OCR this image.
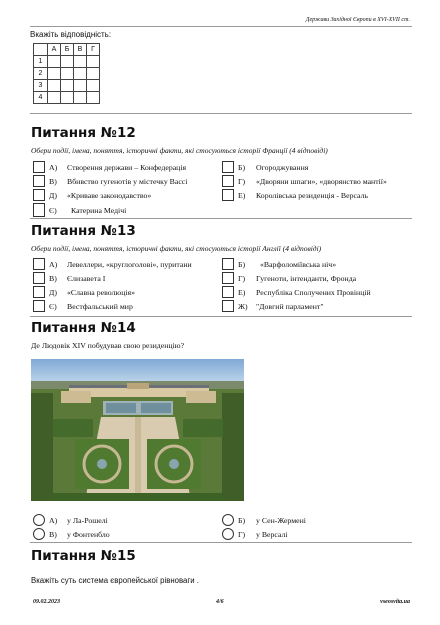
Держави Західної Європи в XVI-XVII ст.
Вкажіть відповідність:
	А	Б	В	Г
1				
2				
3				
4				
Питання №12
Обери події, імена, поняття, історичні факти, які стосуються історії Франції (4 відповіді)
А)	Створення держави – Конфедерація	Б)	Огороджування
В)	Вбивство гугенотів у містечку Вассі	Г)	«Дворяни шпаги», «дворянство мантії»
Д)	«Криваве законодавство»	Е)	Королівська резиденція - Версаль
Є)	Катерина Медічі
Питання №13
Обери події, імена, поняття, історичні факти, які стосуються історії Англії (4 відповіді)
А)	Левеллери, «круглоголові», пуритани	Б)	«Варфоломіївська ніч»
В)	Єлизавета І	Г)	Гугеноти, інтенданти, Фронда
Д)	«Славна революція»	Е)	Республіка Сполучених Провінцій
Є)	Вестфальський мир	Ж)	"Довгий парламент"
Питання №14
Де Людовік XIV побудував свою резиденцію?
А)	у Ла-Рошелі	Б)	у Сен-Жермені
В)	у Фонтенбло	Г)	у Версалі
Питання №15
Вкажіть суть система європейської рівноваги .
09.02.2023	4/6	vseosvita.ua
